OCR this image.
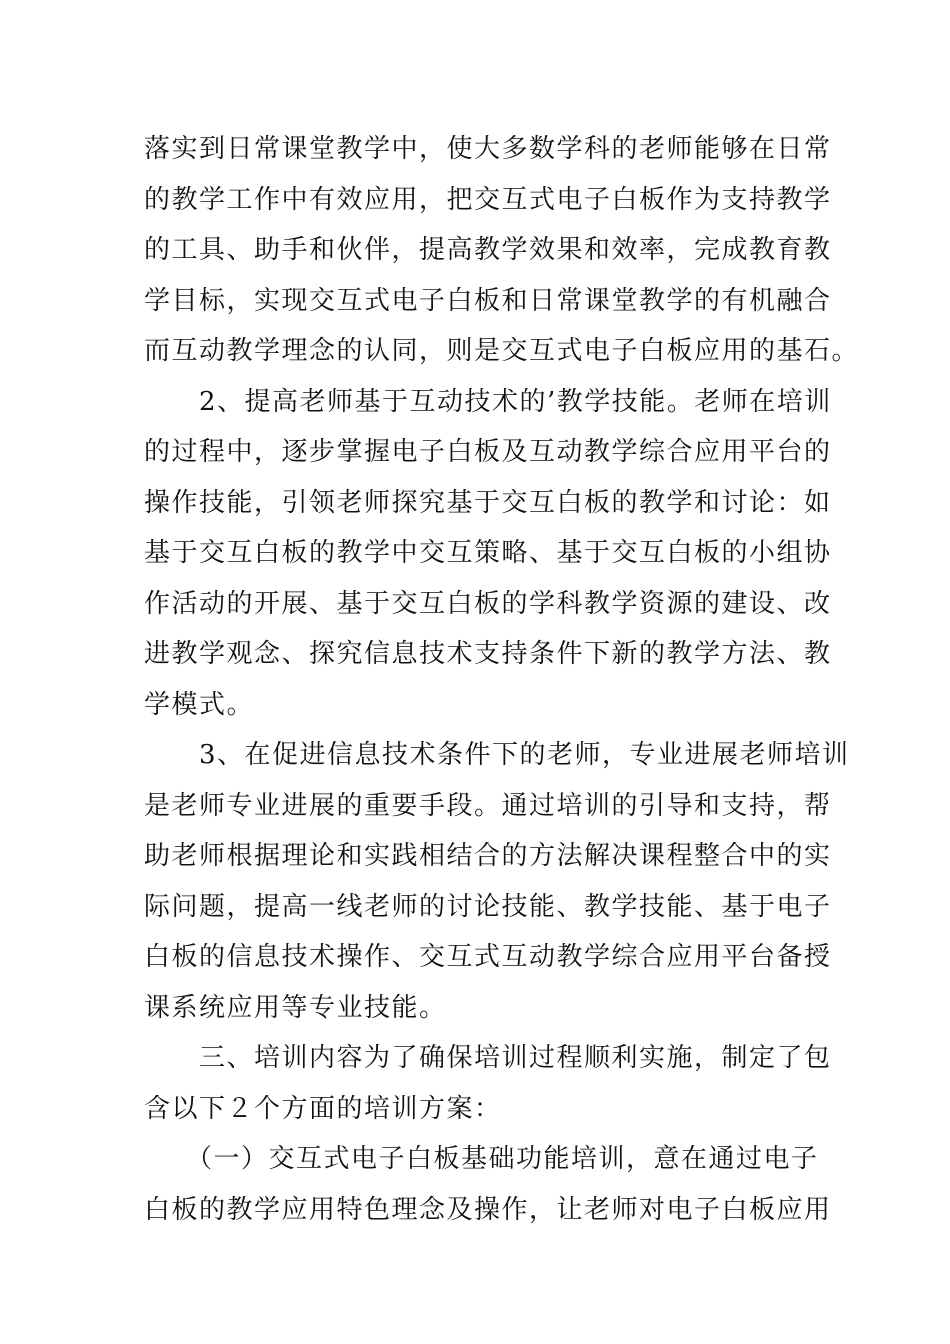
落实到日常课堂教学中，使大多数学科的老师能够在日常
的教学工作中有效应用，把交互式电子白板作为支持教学
的工具、助手和伙伴，提高教学效果和效率，完成教育教
学目标，实现交互式电子白板和日常课堂教学的有机融合
而互动教学理念的认同，则是交互式电子白板应用的基石。
　　2、提高老师基于互动技术的’教学技能。老师在培训
的过程中，逐步掌握电子白板及互动教学综合应用平台的
操作技能，引领老师探究基于交互白板的教学和讨论：如
基于交互白板的教学中交互策略、基于交互白板的小组协
作活动的开展、基于交互白板的学科教学资源的建设、改
进教学观念、探究信息技术支持条件下新的教学方法、教
学模式。
　　3、在促进信息技术条件下的老师，专业进展老师培训
是老师专业进展的重要手段。通过培训的引导和支持，帮
助老师根据理论和实践相结合的方法解决课程整合中的实
际问题，提高一线老师的讨论技能、教学技能、基于电子
白板的信息技术操作、交互式互动教学综合应用平台备授
课系统应用等专业技能。
　　三、培训内容为了确保培训过程顺利实施，制定了包
含以下２个方面的培训方案：
　　（一）交互式电子白板基础功能培训，意在通过电子
白板的教学应用特色理念及操作，让老师对电子白板应用
